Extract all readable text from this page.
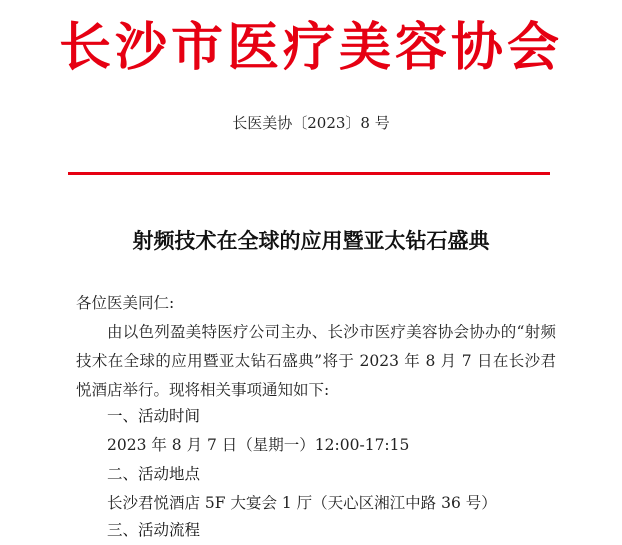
长沙市医疗美容协会
长医美协〔2023〕8 号
射频技术在全球的应用暨亚太钻石盛典
各位医美同仁:
由以色列盈美特医疗公司主办、长沙市医疗美容协会协办的“射频技术在全球的应用暨亚太钻石盛典”将于 2023 年 8 月 7 日在长沙君悦酒店举行。现将相关事项通知如下:
一、活动时间
2023 年 8 月 7 日（星期一）12:00-17:15
二、活动地点
长沙君悦酒店 5F 大宴会 1 厅（天心区湘江中路 36 号）
三、活动流程
